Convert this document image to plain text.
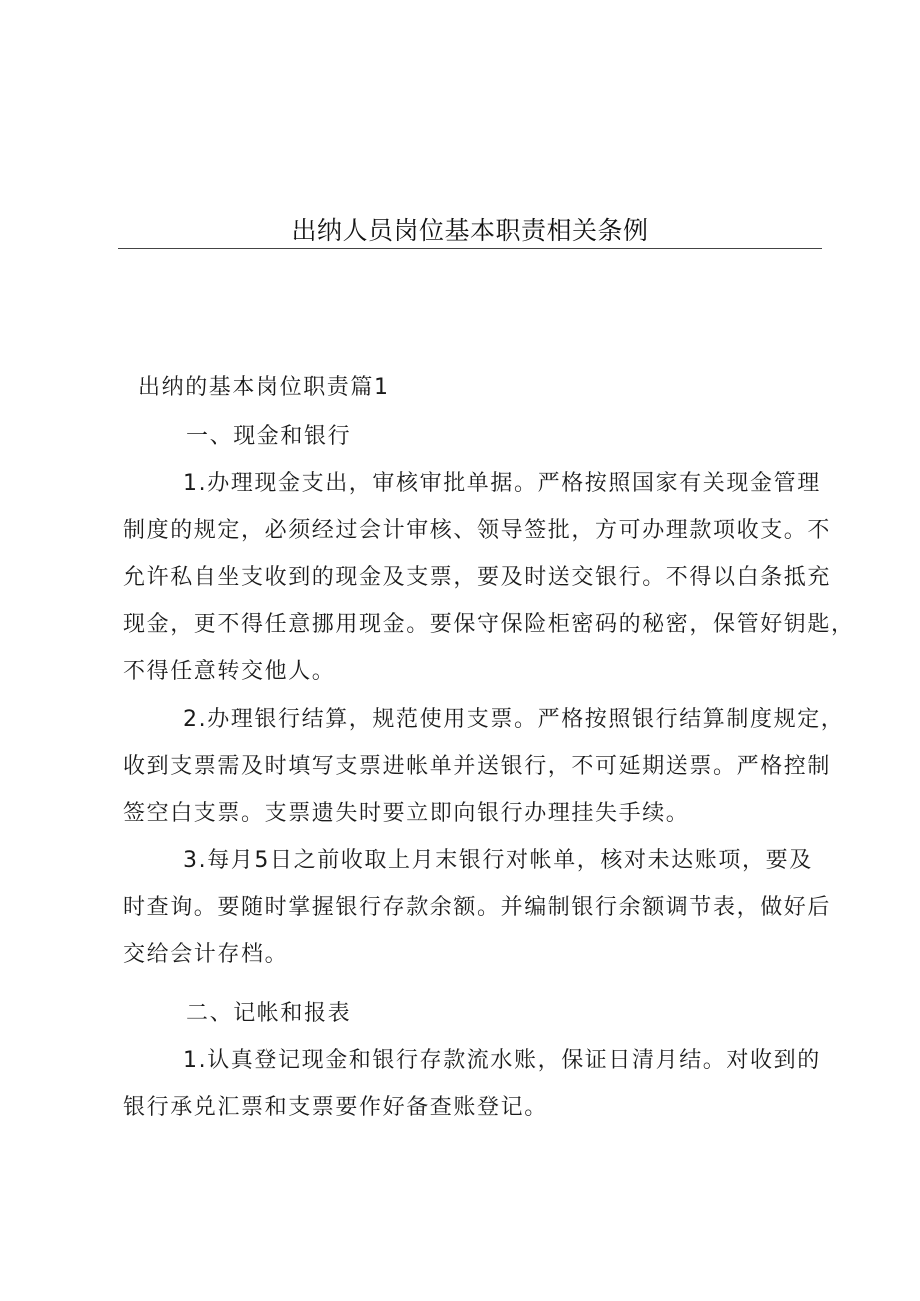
出纳人员岗位基本职责相关条例
出纳的基本岗位职责篇1
一、现金和银行
1.办理现金支出，审核审批单据。严格按照国家有关现金管理
制度的规定，必须经过会计审核、领导签批，方可办理款项收支。不
允许私自坐支收到的现金及支票，要及时送交银行。不得以白条抵充
现金，更不得任意挪用现金。要保守保险柜密码的秘密，保管好钥匙，
不得任意转交他人。
2.办理银行结算，规范使用支票。严格按照银行结算制度规定，
收到支票需及时填写支票进帐单并送银行，不可延期送票。严格控制
签空白支票。支票遗失时要立即向银行办理挂失手续。
3.每月5日之前收取上月末银行对帐单，核对未达账项，要及
时查询。要随时掌握银行存款余额。并编制银行余额调节表，做好后
交给会计存档。
二、记帐和报表
1.认真登记现金和银行存款流水账，保证日清月结。对收到的
银行承兑汇票和支票要作好备查账登记。
